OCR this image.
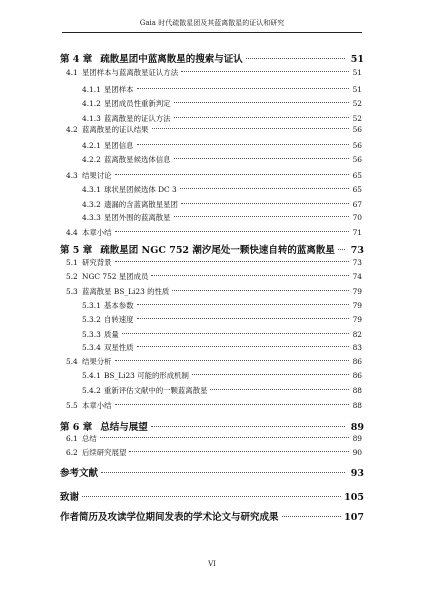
Gaia 时代疏散星团及其蓝离散星的证认和研究
第 4 章 疏散星团中蓝离散星的搜索与证认	51
4.1 星团样本与蓝离散星证认方法	51
4.1.1 星团样本	51
4.1.2 星团成员性重新判定	52
4.1.3 蓝离散星的证认方法	52
4.2 蓝离散星的证认结果	56
4.2.1 星团信息	56
4.2.2 蓝离散星候选体信息	56
4.3 结果讨论	65
4.3.1 球状星团候选体 DC 3	65
4.3.2 遗漏的含蓝离散星星团	67
4.3.3 星团外围的蓝离散星	70
4.4 本章小结	71
第 5 章 疏散星团 NGC 752 潮汐尾处一颗快速自转的蓝离散星 73
5.1 研究背景	73
5.2 NGC 752 星团成员	74
5.3 蓝离散星 BS_Li23 的性质	79
5.3.1 基本参数	79
5.3.2 自转速度	79
5.3.3 质量	82
5.3.4 双星性质	83
5.4 结果分析	86
5.4.1 BS_Li23 可能的形成机制	86
5.4.2 重新评估文献中的一颗蓝离散星	88
5.5 本章小结	88
第 6 章 总结与展望	89
6.1 总结	89
6.2 后续研究展望	90
参考文献	93
致谢	105
作者简历及攻读学位期间发表的学术论文与研究成果	107
VI
